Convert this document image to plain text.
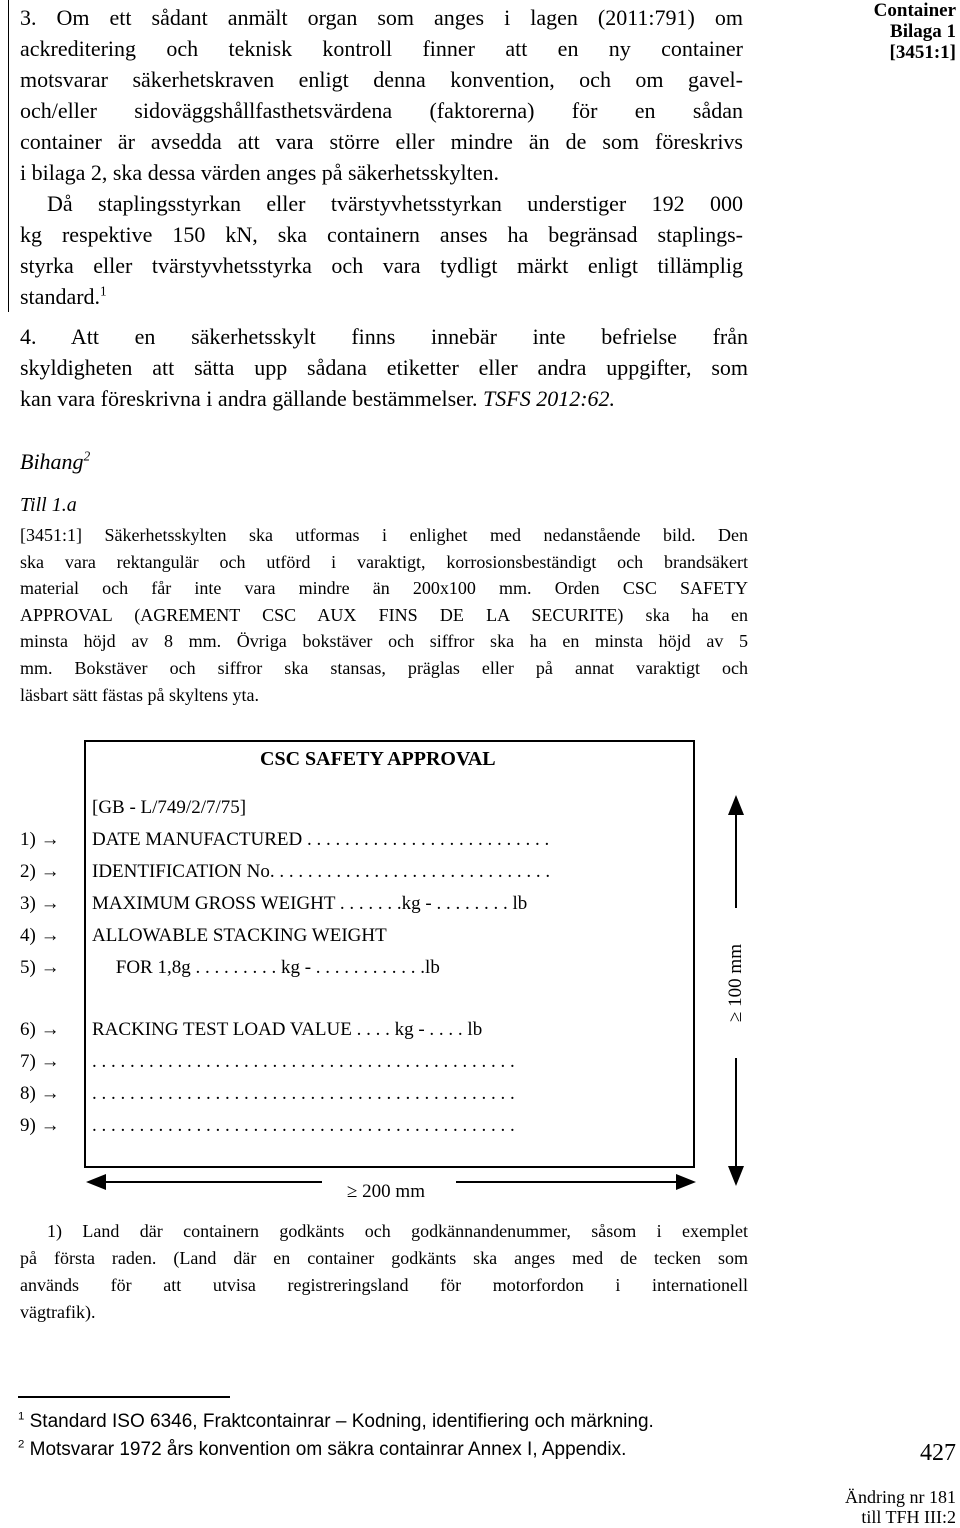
Container
Bilaga 1
[3451:1]
3. Om ett sådant anmält organ som anges i lagen (2011:791) om
ackreditering och teknisk kontroll finner att en ny container
motsvarar säkerhetskraven enligt denna konvention, och om gavel-
och/eller sidoväggshållfasthetsvärdena (faktorerna) för en sådan
container är avsedda att vara större eller mindre än de som föreskrivs
i bilaga 2, ska dessa värden anges på säkerhetsskylten.
Då staplingsstyrkan eller tvärstyvhetsstyrkan understiger 192 000
kg respektive 150 kN, ska containern anses ha begränsad staplings-
styrka eller tvärstyvhetsstyrka och vara tydligt märkt enligt tillämplig
standard.$^1$
4. Att en säkerhetsskylt finns innebär inte befrielse från
skyldigheten att sätta upp sådana etiketter eller andra uppgifter, som
kan vara föreskrivna i andra gällande bestämmelser. TSFS 2012:62.
Bihang$^2$
Till 1.a
[3451:1] Säkerhetsskylten ska utformas i enlighet med nedanstående bild. Den
ska vara rektangulär och utförd i varaktigt, korrosionsbeständigt och brandsäkert
material och får inte vara mindre än 200x100 mm. Orden CSC SAFETY
APPROVAL (AGREMENT CSC AUX FINS DE LA SECURITE) ska ha en
minsta höjd av 8 mm. Övriga bokstäver och siffror ska ha en minsta höjd av 5
mm. Bokstäver och siffror ska stansas, präglas eller på annat varaktigt och
läsbart sätt fästas på skyltens yta.
CSC SAFETY APPROVAL
[GB - L/749/2/7/75]
1) →
2) →
3) →
4) →
5) →
6) →
7) →
8) →
9) →
DATE MANUFACTURED . . . . . . . . . . . . . . . . . . . . . . . . . .
IDENTIFICATION No. . . . . . . . . . . . . . . . . . . . . . . . . . . . . .
MAXIMUM GROSS WEIGHT . . . . . . .kg - . . . . . . . . lb
ALLOWABLE STACKING WEIGHT
FOR 1,8g . . . . . . . . . kg - . . . . . . . . . . . .lb
RACKING TEST LOAD VALUE . . . . kg - . . . . lb
. . . . . . . . . . . . . . . . . . . . . . . . . . . . . . . . . . . . . . . . . . . . .
. . . . . . . . . . . . . . . . . . . . . . . . . . . . . . . . . . . . . . . . . . . . .
. . . . . . . . . . . . . . . . . . . . . . . . . . . . . . . . . . . . . . . . . . . . .
≥ 200 mm
≥ 100 mm
1) Land där containern godkänts och godkännandenummer, såsom i exemplet
på första raden. (Land där en container godkänts ska anges med de tecken som
används för att utvisa registreringsland för motorfordon i internationell
vägtrafik).
$^1$ Standard ISO 6346, Fraktcontainrar – Kodning, identifiering och märkning.
$^2$ Motsvarar 1972 års konvention om säkra containrar Annex I, Appendix.	427
Ändring nr 181
till TFH III:2
